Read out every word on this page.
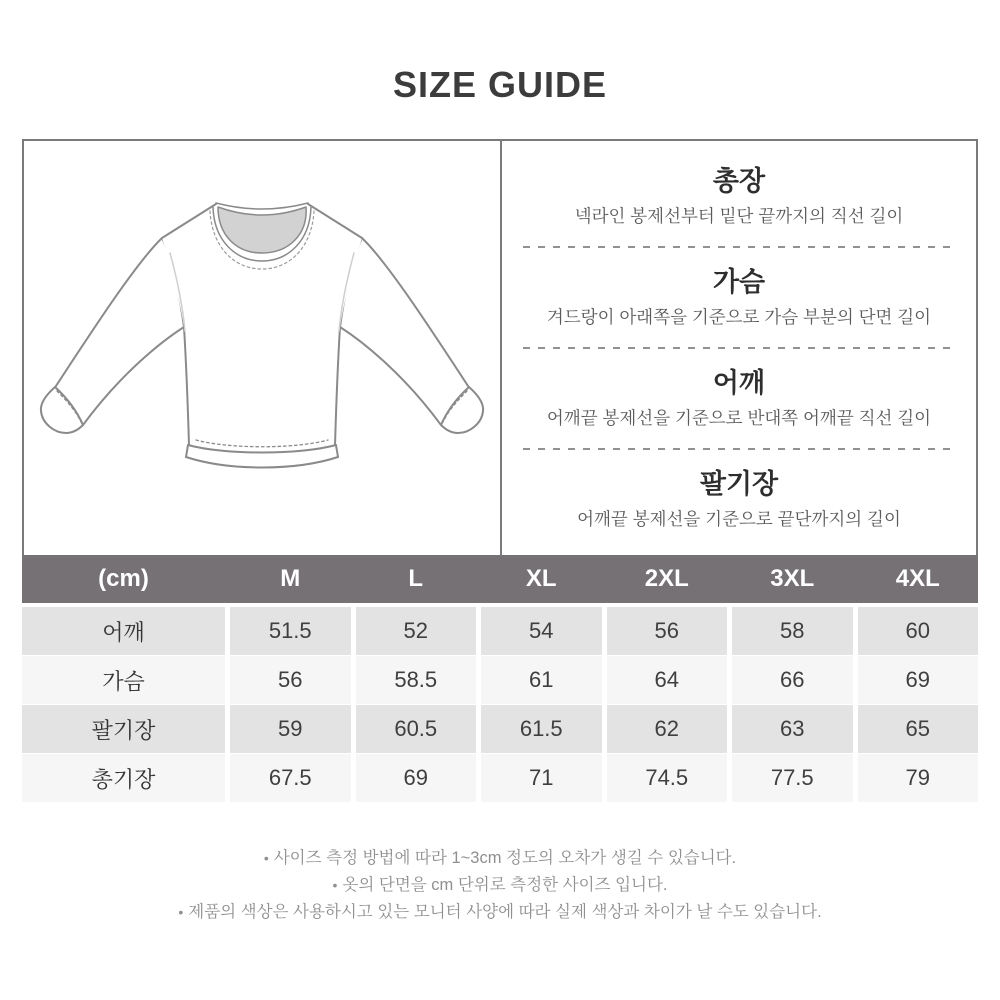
SIZE GUIDE
총장
넥라인 봉제선부터 밑단 끝까지의 직선 길이
가슴
겨드랑이 아래쪽을 기준으로 가슴 부분의 단면 길이
어깨
어깨끝 봉제선을 기준으로 반대쪽 어깨끝 직선 길이
팔기장
어깨끝 봉제선을 기준으로 끝단까지의 길이
(cm)	M	L	XL	2XL	3XL	4XL
어깨	51.5	52	54	56	58	60
가슴	56	58.5	61	64	66	69
팔기장	59	60.5	61.5	62	63	65
총기장	67.5	69	71	74.5	77.5	79
• 사이즈 측정 방법에 따라 1~3cm 정도의 오차가 생길 수 있습니다.
• 옷의 단면을 cm 단위로 측정한 사이즈 입니다.
• 제품의 색상은 사용하시고 있는 모니터 사양에 따라 실제 색상과 차이가 날 수도 있습니다.
